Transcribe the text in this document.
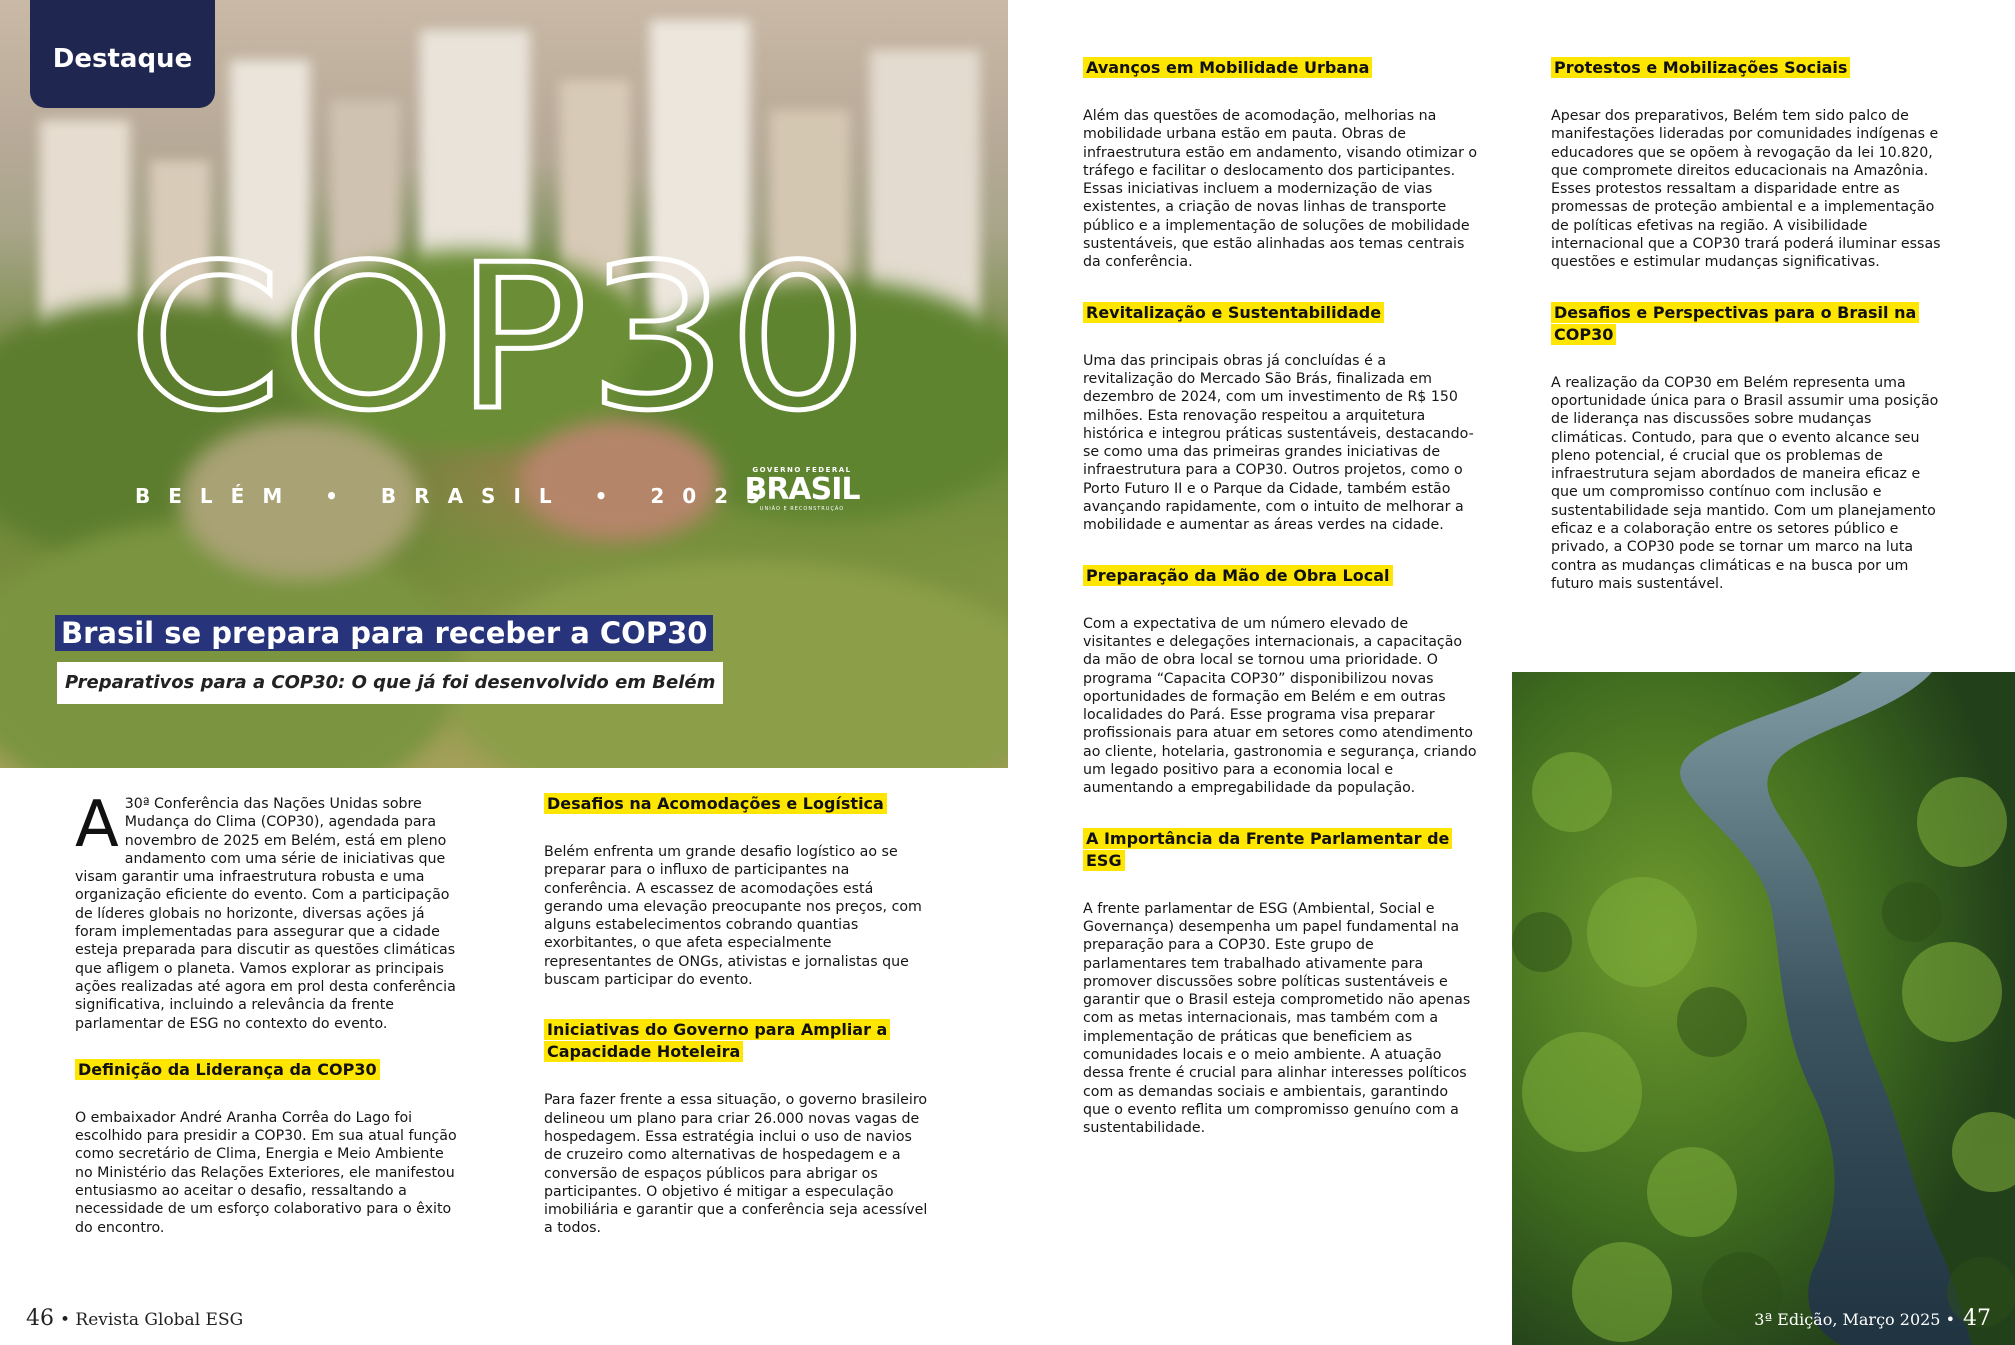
Destaque
COP30
BELÉM • BRASIL • 2025
GOVERNO FEDERAL
BRASIL
UNIÃO E RECONSTRUÇÃO
Brasil se prepara para receber a COP30
Preparativos para a COP30: O que já foi desenvolvido em Belém

A 30ª Conferência das Nações Unidas sobre Mudança do Clima (COP30), agendada para novembro de 2025 em Belém, está em pleno andamento com uma série de iniciativas que visam garantir uma infraestrutura robusta e uma organização eficiente do evento. Com a participação de líderes globais no horizonte, diversas ações já foram implementadas para assegurar que a cidade esteja preparada para discutir as questões climáticas que afligem o planeta. Vamos explorar as principais ações realizadas até agora em prol desta conferência significativa, incluindo a relevância da frente parlamentar de ESG no contexto do evento.

Definição da Liderança da COP30

O embaixador André Aranha Corrêa do Lago foi escolhido para presidir a COP30. Em sua atual função como secretário de Clima, Energia e Meio Ambiente no Ministério das Relações Exteriores, ele manifestou entusiasmo ao aceitar o desafio, ressaltando a necessidade de um esforço colaborativo para o êxito do encontro.

Desafios na Acomodações e Logística

Belém enfrenta um grande desafio logístico ao se preparar para o influxo de participantes na conferência. A escassez de acomodações está gerando uma elevação preocupante nos preços, com alguns estabelecimentos cobrando quantias exorbitantes, o que afeta especialmente representantes de ONGs, ativistas e jornalistas que buscam participar do evento.

Iniciativas do Governo para Ampliar a Capacidade Hoteleira

Para fazer frente a essa situação, o governo brasileiro delineou um plano para criar 26.000 novas vagas de hospedagem. Essa estratégia inclui o uso de navios de cruzeiro como alternativas de hospedagem e a conversão de espaços públicos para abrigar os participantes. O objetivo é mitigar a especulação imobiliária e garantir que a conferência seja acessível a todos.

Avanços em Mobilidade Urbana

Além das questões de acomodação, melhorias na mobilidade urbana estão em pauta. Obras de infraestrutura estão em andamento, visando otimizar o tráfego e facilitar o deslocamento dos participantes. Essas iniciativas incluem a modernização de vias existentes, a criação de novas linhas de transporte público e a implementação de soluções de mobilidade sustentáveis, que estão alinhadas aos temas centrais da conferência.

Revitalização e Sustentabilidade

Uma das principais obras já concluídas é a revitalização do Mercado São Brás, finalizada em dezembro de 2024, com um investimento de R$ 150 milhões. Esta renovação respeitou a arquitetura histórica e integrou práticas sustentáveis, destacando-se como uma das primeiras grandes iniciativas de infraestrutura para a COP30. Outros projetos, como o Porto Futuro II e o Parque da Cidade, também estão avançando rapidamente, com o intuito de melhorar a mobilidade e aumentar as áreas verdes na cidade.

Preparação da Mão de Obra Local

Com a expectativa de um número elevado de visitantes e delegações internacionais, a capacitação da mão de obra local se tornou uma prioridade. O programa “Capacita COP30” disponibilizou novas oportunidades de formação em Belém e em outras localidades do Pará. Esse programa visa preparar profissionais para atuar em setores como atendimento ao cliente, hotelaria, gastronomia e segurança, criando um legado positivo para a economia local e aumentando a empregabilidade da população.

A Importância da Frente Parlamentar de ESG

A frente parlamentar de ESG (Ambiental, Social e Governança) desempenha um papel fundamental na preparação para a COP30. Este grupo de parlamentares tem trabalhado ativamente para promover discussões sobre políticas sustentáveis e garantir que o Brasil esteja comprometido não apenas com as metas internacionais, mas também com a implementação de práticas que beneficiem as comunidades locais e o meio ambiente. A atuação dessa frente é crucial para alinhar interesses políticos com as demandas sociais e ambientais, garantindo que o evento reflita um compromisso genuíno com a sustentabilidade.

Protestos e Mobilizações Sociais

Apesar dos preparativos, Belém tem sido palco de manifestações lideradas por comunidades indígenas e educadores que se opõem à revogação da lei 10.820, que compromete direitos educacionais na Amazônia. Esses protestos ressaltam a disparidade entre as promessas de proteção ambiental e a implementação de políticas efetivas na região. A visibilidade internacional que a COP30 trará poderá iluminar essas questões e estimular mudanças significativas.

Desafios e Perspectivas para o Brasil na COP30

A realização da COP30 em Belém representa uma oportunidade única para o Brasil assumir uma posição de liderança nas discussões sobre mudanças climáticas. Contudo, para que o evento alcance seu pleno potencial, é crucial que os problemas de infraestrutura sejam abordados de maneira eficaz e que um compromisso contínuo com inclusão e sustentabilidade seja mantido. Com um planejamento eficaz e a colaboração entre os setores público e privado, a COP30 pode se tornar um marco na luta contra as mudanças climáticas e na busca por um futuro mais sustentável.

46 • Revista Global ESG	3ª Edição, Março 2025 • 47
